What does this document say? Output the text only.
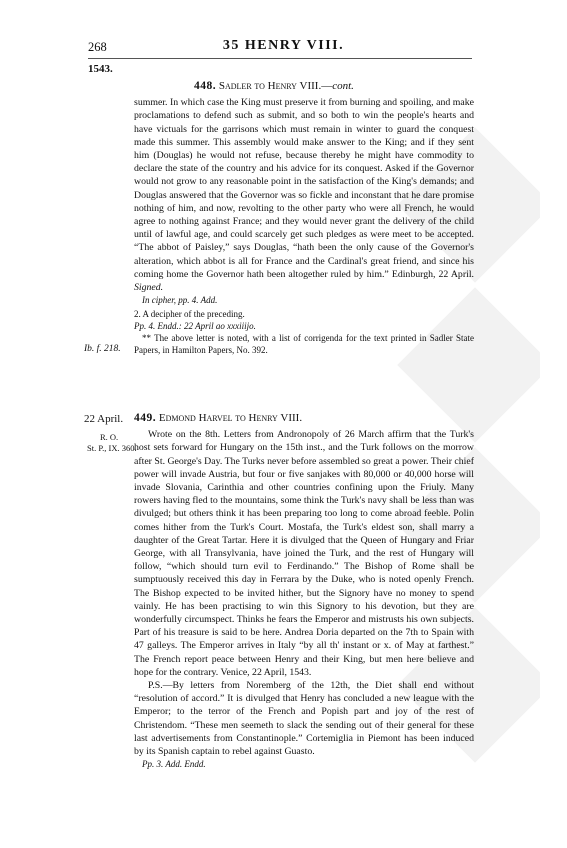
268	35 HENRY VIII.
1543.
448. Sadler to Henry VIII.—cont.

summer. In which case the King must preserve it from burning and spoiling, and make proclamations to defend such as submit, and so both to win the people's hearts and have victuals for the garrisons which must remain in winter to guard the conquest made this summer. This assembly would make answer to the King; and if they sent him (Douglas) he would not refuse, because thereby he might have commodity to declare the state of the country and his advice for its conquest. Asked if the Governor would not grow to any reasonable point in the satisfaction of the King's demands; and Douglas answered that the Governor was so fickle and inconstant that he dare promise nothing of him, and now, revolting to the other party who were all French, he would agree to nothing against France; and they would never grant the delivery of the child until of lawful age, and could scarcely get such pledges as were meet to be accepted. “The abbot of Paisley,” says Douglas, “hath been the only cause of the Governor's alteration, which abbot is all for France and the Cardinal's great friend, and since his coming home the Governor hath been altogether ruled by him.” Edinburgh, 22 April. Signed.

In cipher, pp. 4. Add.

2. A decipher of the preceding.

Pp. 4. Endd.: 22 April ao xxxiiijo.

*⁠⁠* The above letter is noted, with a list of corrigenda for the text printed in Sadler State Papers, in Hamilton Papers, No. 392.

Ib. f. 218.
22 April.
R. O.
St. P., IX. 360.
449. Edmond Harvel to Henry VIII.

Wrote on the 8th. Letters from Andronopoly of 26 March affirm that the Turk's host sets forward for Hungary on the 15th inst., and the Turk follows on the morrow after St. George's Day. The Turks never before assembled so great a power. Their chief power will invade Austria, but four or five sanjakes with 80,000 or 40,000 horse will invade Slovania, Carinthia and other countries confining upon the Friuly. Many rowers having fled to the mountains, some think the Turk's navy shall be less than was divulged; but others think it has been preparing too long to come abroad feeble. Polin comes hither from the Turk's Court. Mostafa, the Turk's eldest son, shall marry a daughter of the Great Tartar. Here it is divulged that the Queen of Hungary and Friar George, with all Transylvania, have joined the Turk, and the rest of Hungary will follow, “which should turn evil to Ferdinando.” The Bishop of Rome shall be sumptuously received this day in Ferrara by the Duke, who is noted openly French. The Bishop expected to be invited hither, but the Signory have no money to spend vainly. He has been practising to win this Signory to his devotion, but they are wonderfully circumspect. Thinks he fears the Emperor and mistrusts his own subjects. Part of his treasure is said to be here. Andrea Doria departed on the 7th to Spain with 47 galleys. The Emperor arrives in Italy “by all th' instant or x. of May at farthest.” The French report peace between Henry and their King, but men here believe and hope for the contrary. Venice, 22 April, 1543.

P.S.—By letters from Noremberg of the 12th, the Diet shall end without “resolution of accord.” It is divulged that Henry has concluded a new league with the Emperor; to the terror of the French and Popish part and joy of the rest of Christendom. “These men seemeth to slack the sending out of their general for these last advertisements from Constantinople.” Cortemiglia in Piemont has been induced by its Spanish captain to rebel against Guasto.

Pp. 3. Add. Endd.
